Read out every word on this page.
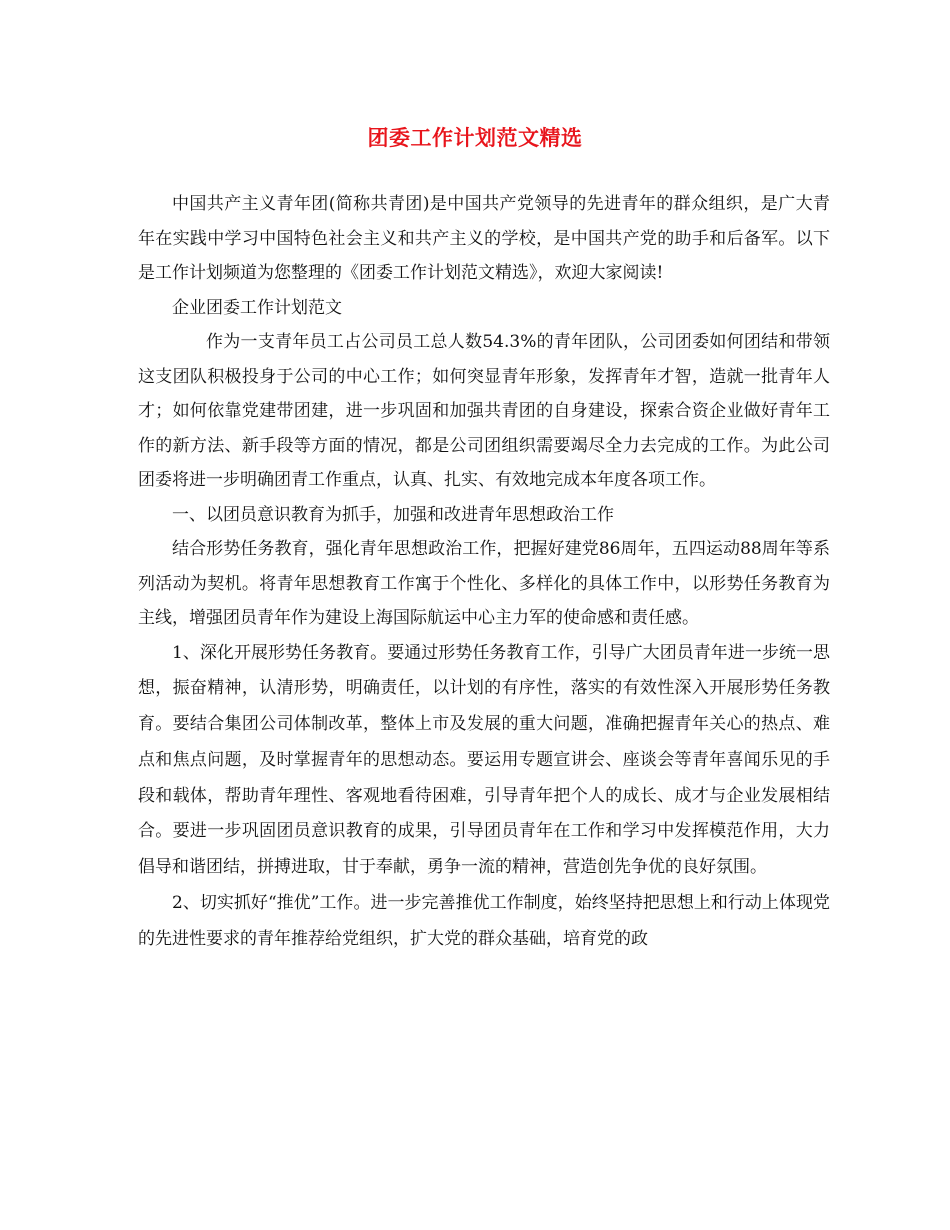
团委工作计划范文精选

中国共产主义青年团(简称共青团)是中国共产党领导的先进青年的群众组织，是广大青年在实践中学习中国特色社会主义和共产主义的学校，是中国共产党的助手和后备军。以下是工作计划频道为您整理的《团委工作计划范文精选》，欢迎大家阅读!

企业团委工作计划范文

作为一支青年员工占公司员工总人数54.3%的青年团队，公司团委如何团结和带领这支团队积极投身于公司的中心工作；如何突显青年形象，发挥青年才智，造就一批青年人才；如何依靠党建带团建，进一步巩固和加强共青团的自身建设，探索合资企业做好青年工作的新方法、新手段等方面的情况，都是公司团组织需要竭尽全力去完成的工作。为此公司团委将进一步明确团青工作重点，认真、扎实、有效地完成本年度各项工作。

一、以团员意识教育为抓手，加强和改进青年思想政治工作

结合形势任务教育，强化青年思想政治工作，把握好建党86周年，五四运动88周年等系列活动为契机。将青年思想教育工作寓于个性化、多样化的具体工作中，以形势任务教育为主线，增强团员青年作为建设上海国际航运中心主力军的使命感和责任感。

1、深化开展形势任务教育。要通过形势任务教育工作，引导广大团员青年进一步统一思想，振奋精神，认清形势，明确责任，以计划的有序性，落实的有效性深入开展形势任务教育。要结合集团公司体制改革，整体上市及发展的重大问题，准确把握青年关心的热点、难点和焦点问题，及时掌握青年的思想动态。要运用专题宣讲会、座谈会等青年喜闻乐见的手段和载体，帮助青年理性、客观地看待困难，引导青年把个人的成长、成才与企业发展相结合。要进一步巩固团员意识教育的成果，引导团员青年在工作和学习中发挥模范作用，大力倡导和谐团结，拼搏进取，甘于奉献，勇争一流的精神，营造创先争优的良好氛围。

2、切实抓好“推优”工作。进一步完善推优工作制度，始终坚持把思想上和行动上体现党的先进性要求的青年推荐给党组织，扩大党的群众基础，培育党的政
